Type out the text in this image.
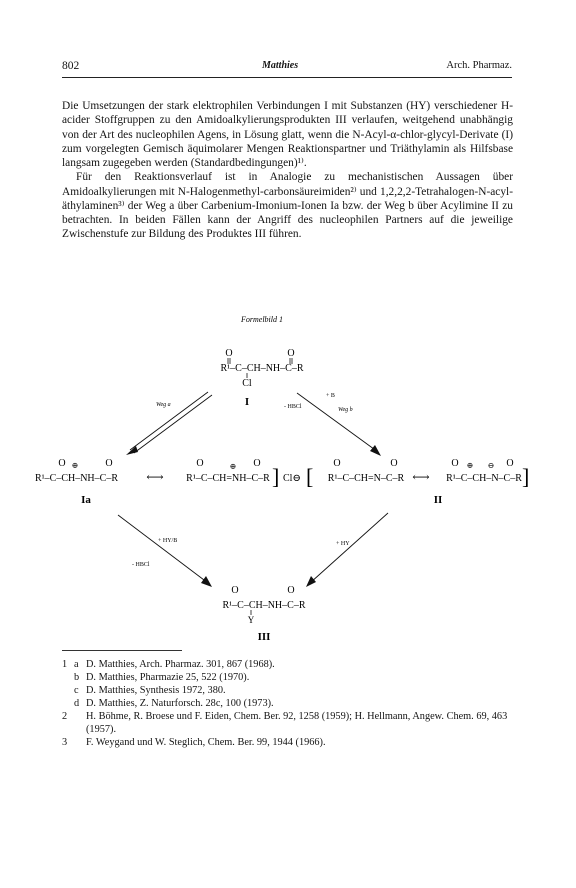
802	Matthies	Arch. Pharmaz.

Die Umsetzungen der stark elektrophilen Verbindungen I mit Substanzen (HY) verschiedener H-acider Stoffgruppen zu den Amidoalkylierungsprodukten III verlaufen, weitgehend unabhängig von der Art des nucleophilen Agens, in Lösung glatt, wenn die N-Acyl-α-chlor-glycyl-Derivate (I) zum vorgelegten Gemisch äquimolarer Mengen Reaktionspartner und Triäthylamin als Hilfsbase langsam zugegeben werden (Standardbedingungen)¹⁾.

Für den Reaktionsverlauf ist in Analogie zu mechanistischen Aussagen über Amidoalkylierungen mit N-Halogenmethyl-carbonsäureimiden²⁾ und 1,2,2,2-Tetrahalogen-N-acyl-äthylaminen³⁾ der Weg a über Carbenium-Imonium-Ionen Ia bzw. der Weg b über Acylimine II zu betrachten. In beiden Fällen kann der Angriff des nucleophilen Partners auf die jeweilige Zwischenstufe zur Bildung des Produktes III führen.

Formelbild 1
R¹–C–CH–NH–C–R
O	O
Cl
I
Weg a
+ B
- HBCl	Weg b
R¹–C–CH–NH–C–R
O	O
⊕
⟷ R¹–C–CH=NH–C–R
O	O
⊕ ] Cl⊖
Ia
[ R¹–C–CH=N–C–R
O	O
⟷ R¹–C–CH–N–C–R
O	O
⊕ ⊖ ]
II
+ HY/B
- HBCl
+ HY
R¹–C–CH–NH–C–R
O	O
Y
III
1 a D. Matthies, Arch. Pharmaz. 301, 867 (1968).
b D. Matthies, Pharmazie 25, 522 (1970).
c D. Matthies, Synthesis 1972, 380.
d D. Matthies, Z. Naturforsch. 28c, 100 (1973).
2 H. Böhme, R. Broese und F. Eiden, Chem. Ber. 92, 1258 (1959); H. Hellmann, Angew. Chem. 69, 463 (1957).
3 F. Weygand und W. Steglich, Chem. Ber. 99, 1944 (1966).
